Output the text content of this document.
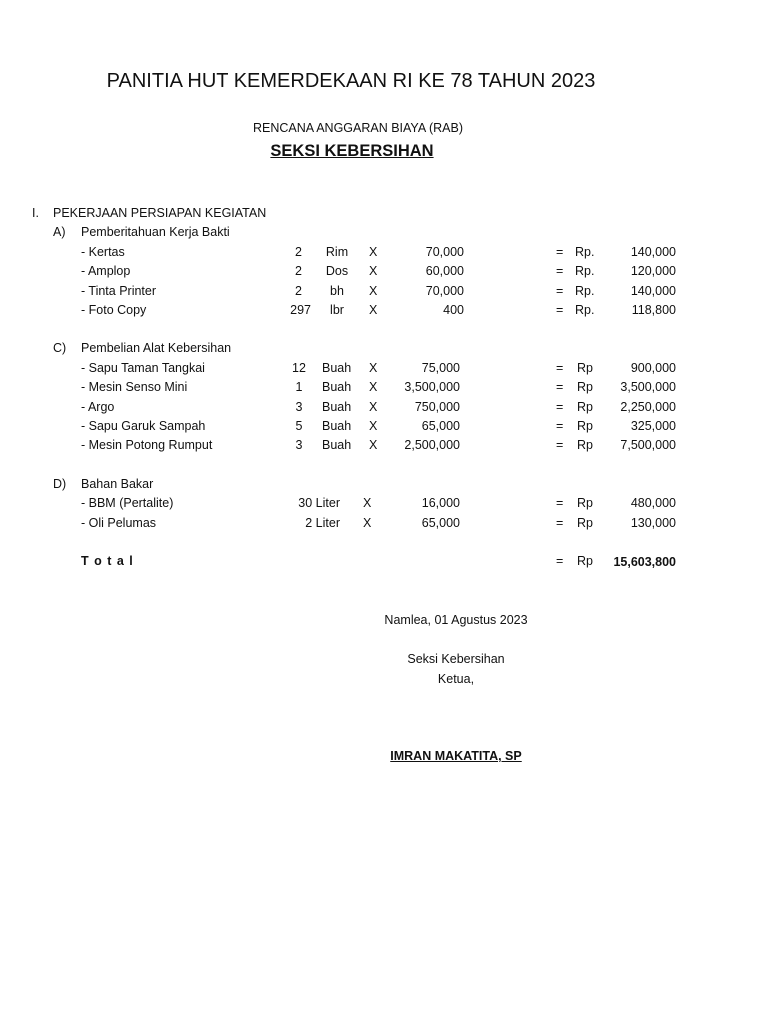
PANITIA HUT KEMERDEKAAN RI KE 78 TAHUN 2023
RENCANA ANGGARAN BIAYA (RAB)
SEKSI KEBERSIHAN
I. PEKERJAAN PERSIAPAN KEGIATAN
A) Pemberitahuan Kerja Bakti
- Kertas	2	Rim	X	70,000	= Rp.	140,000
- Amplop	2	Dos	X	60,000	= Rp.	120,000
- Tinta Printer	2	bh	X	70,000	= Rp.	140,000
- Foto Copy	297	lbr	X	400	= Rp.	118,800
C) Pembelian Alat Kebersihan
- Sapu Taman Tangkai	12	Buah X	75,000	= Rp	900,000
- Mesin Senso Mini	1	Buah X	3,500,000	= Rp	3,500,000
- Argo	3	Buah X	750,000	= Rp	2,250,000
- Sapu Garuk Sampah	5	Buah X	65,000	= Rp	325,000
- Mesin Potong Rumput	3	Buah X	2,500,000	= Rp	7,500,000
D) Bahan Bakar
- BBM (Pertalite)	30 Liter X	16,000	= Rp	480,000
- Oli Pelumas	2 Liter X	65,000	= Rp	130,000
T o t a l	= Rp	15,603,800
Namlea, 01 Agustus 2023
Seksi Kebersihan
Ketua,
IMRAN MAKATITA, SP
